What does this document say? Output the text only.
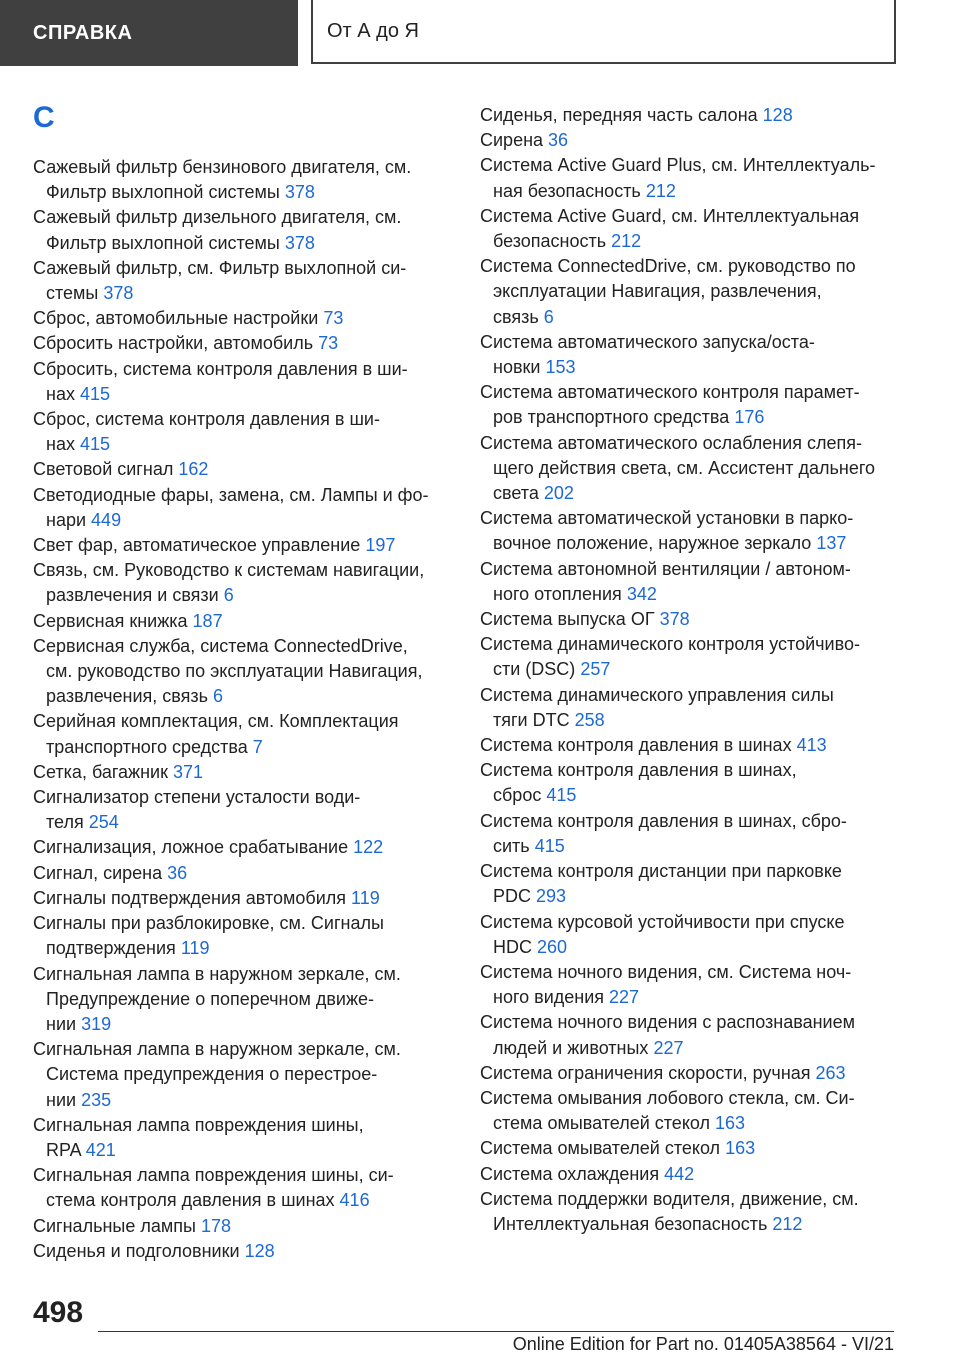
СПРАВКА	От А до Я
С

Сажевый фильтр бензинового двигателя, см.
Фильтр выхлопной системы 378

Сажевый фильтр дизельного двигателя, см.
Фильтр выхлопной системы 378

Сажевый фильтр, см. Фильтр выхлопной си-
стемы 378

Сброс, автомобильные настройки 73

Сбросить настройки, автомобиль 73

Сбросить, система контроля давления в ши-
нах 415

Сброс, система контроля давления в ши-
нах 415

Световой сигнал 162

Светодиодные фары, замена, см. Лампы и фо-
нари 449

Свет фар, автоматическое управление 197

Связь, см. Руководство к системам навигации,
развлечения и связи 6

Сервисная книжка 187

Сервисная служба, система ConnectedDrive,
см. руководство по эксплуатации Навигация,
развлечения, связь 6

Серийная комплектация, см. Комплектация
транспортного средства 7

Сетка, багажник 371

Сигнализатор степени усталости води-
теля 254

Сигнализация, ложное срабатывание 122

Сигнал, сирена 36

Сигналы подтверждения автомобиля 119

Сигналы при разблокировке, см. Сигналы
подтверждения 119

Сигнальная лампа в наружном зеркале, см.
Предупреждение о поперечном движе-
нии 319

Сигнальная лампа в наружном зеркале, см.
Система предупреждения о перестрое-
нии 235

Сигнальная лампа повреждения шины,
RPA 421

Сигнальная лампа повреждения шины, си-
стема контроля давления в шинах 416

Сигнальные лампы 178

Сиденья и подголовники 128

Сиденья, передняя часть салона 128

Сирена 36

Система Active Guard Plus, см. Интеллектуаль-
ная безопасность 212

Система Active Guard, см. Интеллектуальная
безопасность 212

Система ConnectedDrive, см. руководство по
эксплуатации Навигация, развлечения,
связь 6

Система автоматического запуска/оста-
новки 153

Система автоматического контроля парамет-
ров транспортного средства 176

Система автоматического ослабления слепя-
щего действия света, см. Ассистент дальнего
света 202

Система автоматической установки в парко-
вочное положение, наружное зеркало 137

Система автономной вентиляции / автоном-
ного отопления 342

Система выпуска ОГ 378

Система динамического контроля устойчиво-
сти (DSC) 257

Система динамического управления силы
тяги DTC 258

Система контроля давления в шинах 413

Система контроля давления в шинах,
сброс 415

Система контроля давления в шинах, сбро-
сить 415

Система контроля дистанции при парковке
PDC 293

Система курсовой устойчивости при спуске
HDC 260

Система ночного видения, см. Система ноч-
ного видения 227

Система ночного видения с распознаванием
людей и животных 227

Система ограничения скорости, ручная 263

Система омывания лобового стекла, см. Си-
стема омывателей стекол 163

Система омывателей стекол 163

Система охлаждения 442

Система поддержки водителя, движение, см.
Интеллектуальная безопасность 212

498
Online Edition for Part no. 01405A38564 - VI/21
